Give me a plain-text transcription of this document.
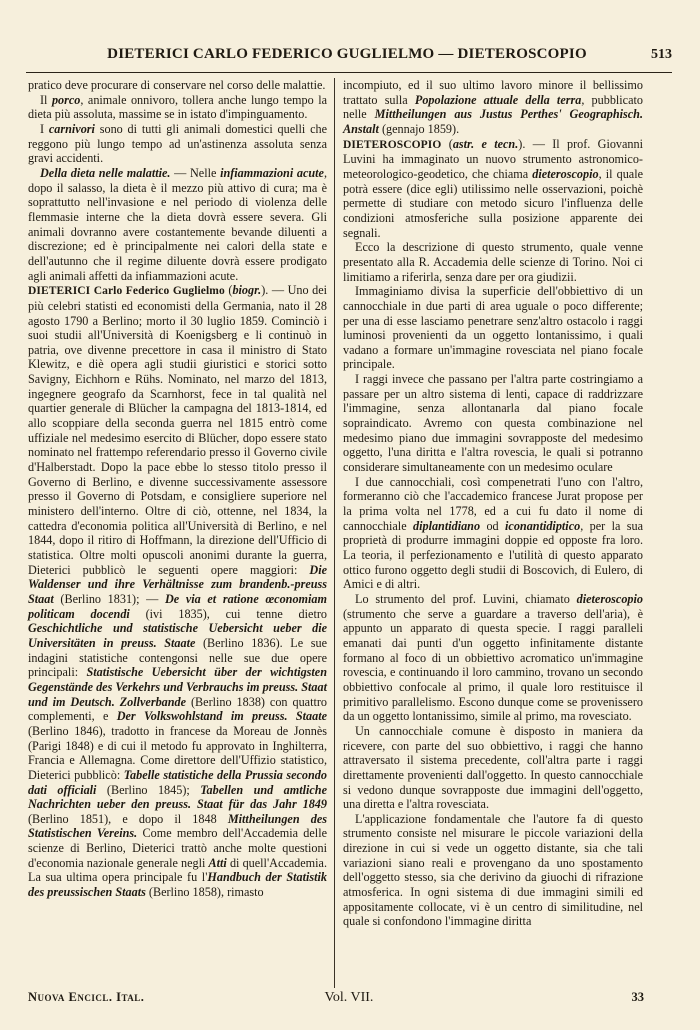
DIETERICI CARLO FEDERICO GUGLIELMO — DIETEROSCOPIO	513

pratico deve procurare di conservare nel corso delle malattie.

Il porco, animale onnivoro, tollera anche lungo tempo la dieta più assoluta, massime se in istato d'impinguamento.

I carnivori sono di tutti gli animali domestici quelli che reggono più lungo tempo ad un'astinenza assoluta senza gravi accidenti.

Della dieta nelle malattie. — Nelle infiammazioni acute, dopo il salasso, la dieta è il mezzo più attivo di cura; ma è soprattutto nell'invasione e nel periodo di violenza delle flemmasie interne che la dieta dovrà essere severa. Gli animali dovranno avere costantemente bevande diluenti a discrezione; ed è principalmente nei calori della state e dell'autunno che il regime diluente dovrà essere prodigato agli animali affetti da infiammazioni acute.

DIETERICI Carlo Federico Guglielmo (biogr.). — Uno dei più celebri statisti ed economisti della Germania, nato il 28 agosto 1790 a Berlino; morto il 30 luglio 1859. Cominciò i suoi studii all'Università di Koenigsberg e li continuò in patria, ove divenne precettore in casa il ministro di Stato Klewitz, e diè opera agli studii giuristici e storici sotto Savigny, Eichhorn e Rühs. Nominato, nel marzo del 1813, ingegnere geografo da Scarnhorst, fece in tal qualità nel quartier generale di Blücher la campagna del 1813-1814, ed allo scoppiare della seconda guerra nel 1815 entrò come uffiziale nel medesimo esercito di Blücher, dopo essere stato nominato nel frattempo referendario presso il Governo civile d'Halberstadt. Dopo la pace ebbe lo stesso titolo presso il Governo di Berlino, e divenne successivamente assessore presso il Governo di Potsdam, e consigliere superiore nel ministero dell'interno. Oltre di ciò, ottenne, nel 1834, la cattedra d'economia politica all'Università di Berlino, e nel 1844, dopo il ritiro di Hoffmann, la direzione dell'Ufficio di statistica. Oltre molti opuscoli anonimi durante la guerra, Dieterici pubblicò le seguenti opere maggiori: Die Waldenser und ihre Verhältnisse zum brandenb.-preuss Staat (Berlino 1831); — De via et ratione œconomiam politicam docendi (ivi 1835), cui tenne dietro Geschichtliche und statistische Uebersicht ueber die Universitäten in preuss. Staate (Berlino 1836). Le sue indagini statistiche contengonsi nelle sue due opere principali: Statistische Uebersicht über der wichtigsten Gegenstände des Verkehrs und Verbrauchs im preuss. Staat und im Deutsch. Zollverbande (Berlino 1838) con quattro complementi, e Der Volkswohlstand im preuss. Staate (Berlino 1846), tradotto in francese da Moreau de Jonnès (Parigi 1848) e di cui il metodo fu approvato in Inghilterra, Francia e Allemagna. Come direttore dell'Uffizio statistico, Dieterici pubblicò: Tabelle statistiche della Prussia secondo dati officiali (Berlino 1845); Tabellen und amtliche Nachrichten ueber den preuss. Staat für das Jahr 1849 (Berlino 1851), e dopo il 1848 Mittheilungen des Statistischen Vereins. Come membro dell'Accademia delle scienze di Berlino, Dieterici trattò anche molte questioni d'economia nazionale generale negli Atti di quell'Accademia. La sua ultima opera principale fu l'Handbuch der Statistik des preussischen Staats (Berlino 1858), rimasto

incompiuto, ed il suo ultimo lavoro minore il bellissimo trattato sulla Popolazione attuale della terra, pubblicato nelle Mittheilungen aus Justus Perthes' Geographisch. Anstalt (gennajo 1859).

DIETEROSCOPIO (astr. e tecn.). — Il prof. Giovanni Luvini ha immaginato un nuovo strumento astronomico-meteorologico-geodetico, che chiama dieteroscopio, il quale potrà essere (dice egli) utilissimo nelle osservazioni, poichè permette di studiare con metodo sicuro l'influenza delle condizioni atmosferiche sulla posizione apparente dei segnali.

Ecco la descrizione di questo strumento, quale venne presentato alla R. Accademia delle scienze di Torino. Noi ci limitiamo a riferirla, senza dare per ora giudizii.

Immaginiamo divisa la superficie dell'obbiettivo di un cannocchiale in due parti di area uguale o poco differente; per una di esse lasciamo penetrare senz'altro ostacolo i raggi luminosi provenienti da un oggetto lontanissimo, i quali vadano a formare un'immagine rovesciata nel piano focale principale.

I raggi invece che passano per l'altra parte costringiamo a passare per un altro sistema di lenti, capace di raddrizzare l'immagine, senza allontanarla dal piano focale sopraindicato. Avremo con questa combinazione nel medesimo piano due immagini sovrapposte del medesimo oggetto, l'una diritta e l'altra rovescia, le quali si potranno considerare simultaneamente con un medesimo oculare

I due cannocchiali, così compenetrati l'uno con l'altro, formeranno ciò che l'accademico francese Jurat propose per la prima volta nel 1778, ed a cui fu dato il nome di cannocchiale diplantidiano od iconantidiptico, per la sua proprietà di produrre immagini doppie ed opposte fra loro. La teoria, il perfezionamento e l'utilità di questo apparato ottico furono oggetto degli studii di Boscovich, di Eulero, di Amici e di altri.

Lo strumento del prof. Luvini, chiamato dieteroscopio (strumento che serve a guardare a traverso dell'aria), è appunto un apparato di questa specie. I raggi paralleli emanati dai punti d'un oggetto infinitamente distante formano al foco di un obbiettivo acromatico un'immagine rovescia, e continuando il loro cammino, trovano un secondo obbiettivo confocale al primo, il quale loro restituisce il primitivo parallelismo. Escono dunque come se provenissero da un oggetto lontanissimo, simile al primo, ma rovesciato.

Un cannocchiale comune è disposto in maniera da ricevere, con parte del suo obbiettivo, i raggi che hanno attraversato il sistema precedente, coll'altra parte i raggi direttamente provenienti dall'oggetto. In questo cannocchiale si vedono dunque sovrapposte due immagini dell'oggetto, una diretta e l'altra rovesciata.

L'applicazione fondamentale che l'autore fa di questo strumento consiste nel misurare le piccole variazioni della direzione in cui si vede un oggetto distante, sia che tali variazioni siano reali e provengano da uno spostamento dell'oggetto stesso, sia che derivino da giuochi di rifrazione atmosferica. In ogni sistema di due immagini simili ed appositamente collocate, vi è un centro di similitudine, nel quale si confondono l'immagine diritta

Nuova Encicl. Ital.	Vol. VII.	33
